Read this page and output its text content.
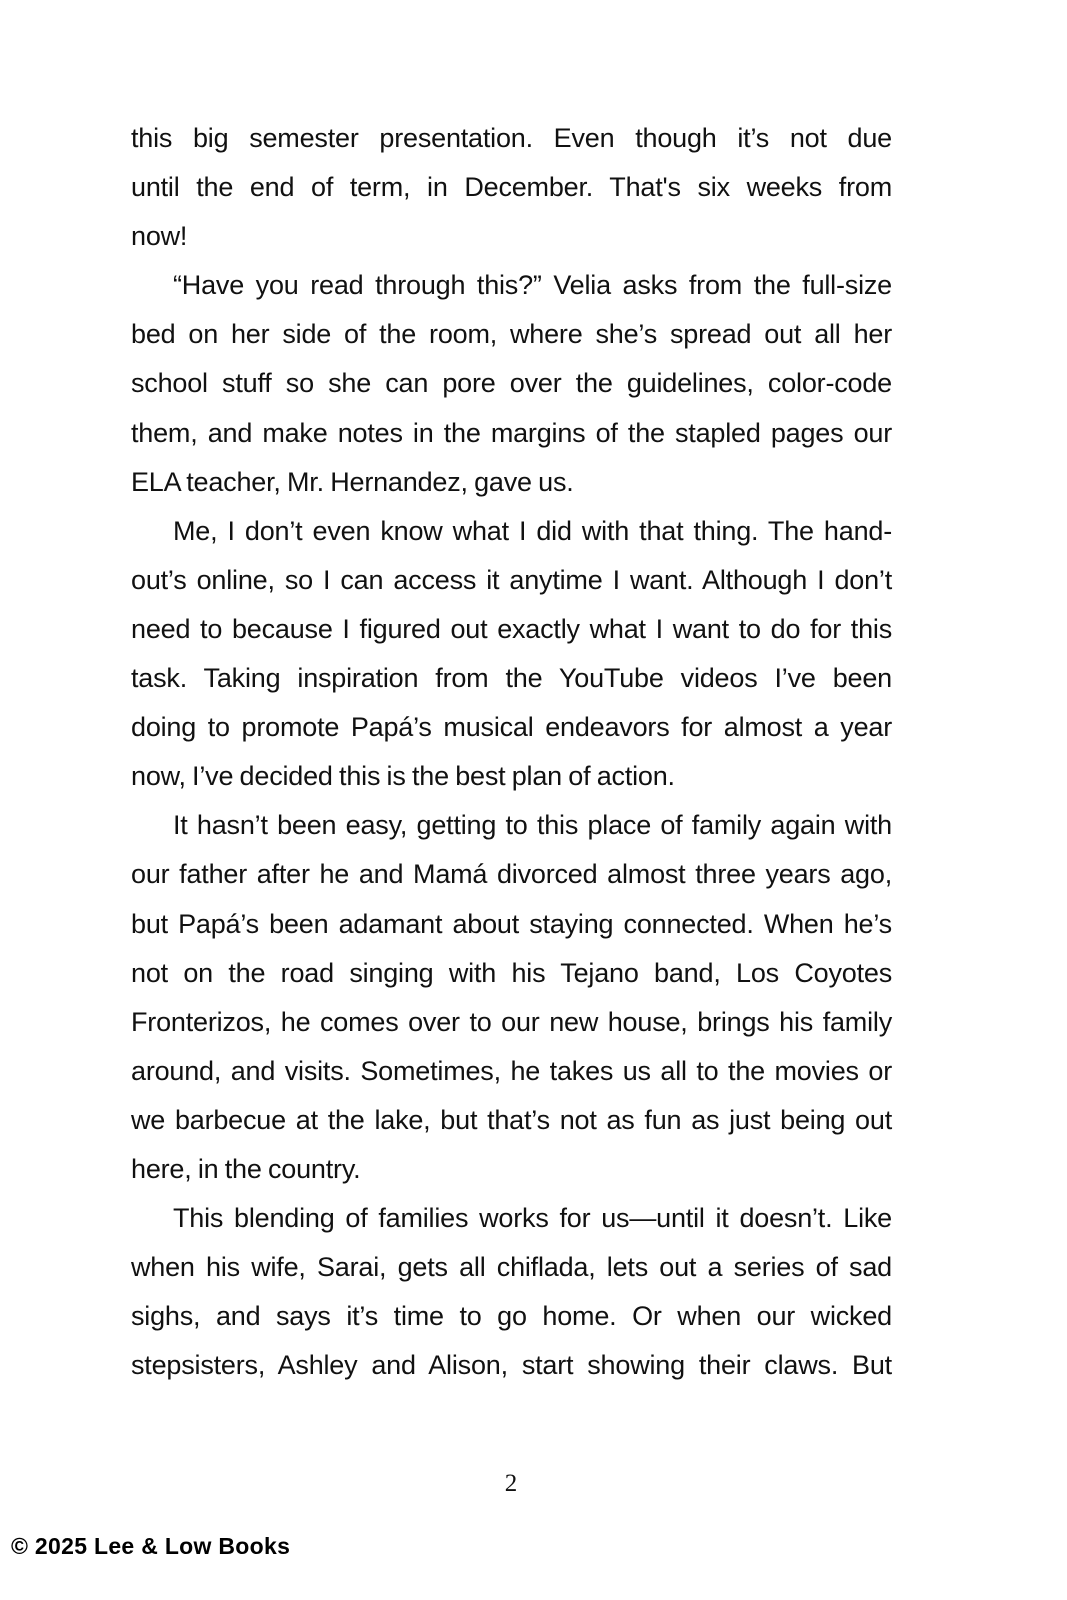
this big semester presentation. Even though it’s not due
until the end of term, in December. That's six weeks from
now!

“Have you read through this?” Velia asks from the full-size
bed on her side of the room, where she’s spread out all her
school stuff so she can pore over the guidelines, color-code
them, and make notes in the margins of the stapled pages our
ELA teacher, Mr. Hernandez, gave us.

Me, I don’t even know what I did with that thing. The hand-
out’s online, so I can access it anytime I want. Although I don’t
need to because I figured out exactly what I want to do for this
task. Taking inspiration from the YouTube videos I’ve been
doing to promote Papá’s musical endeavors for almost a year
now, I’ve decided this is the best plan of action.

It hasn’t been easy, getting to this place of family again with
our father after he and Mamá divorced almost three years ago,
but Papá’s been adamant about staying connected. When he’s
not on the road singing with his Tejano band, Los Coyotes
Fronterizos, he comes over to our new house, brings his family
around, and visits. Sometimes, he takes us all to the movies or
we barbecue at the lake, but that’s not as fun as just being out
here, in the country.

This blending of families works for us—until it doesn’t. Like
when his wife, Sarai, gets all chiflada, lets out a series of sad
sighs, and says it’s time to go home. Or when our wicked
stepsisters, Ashley and Alison, start showing their claws. But

2
© 2025 Lee & Low Books
